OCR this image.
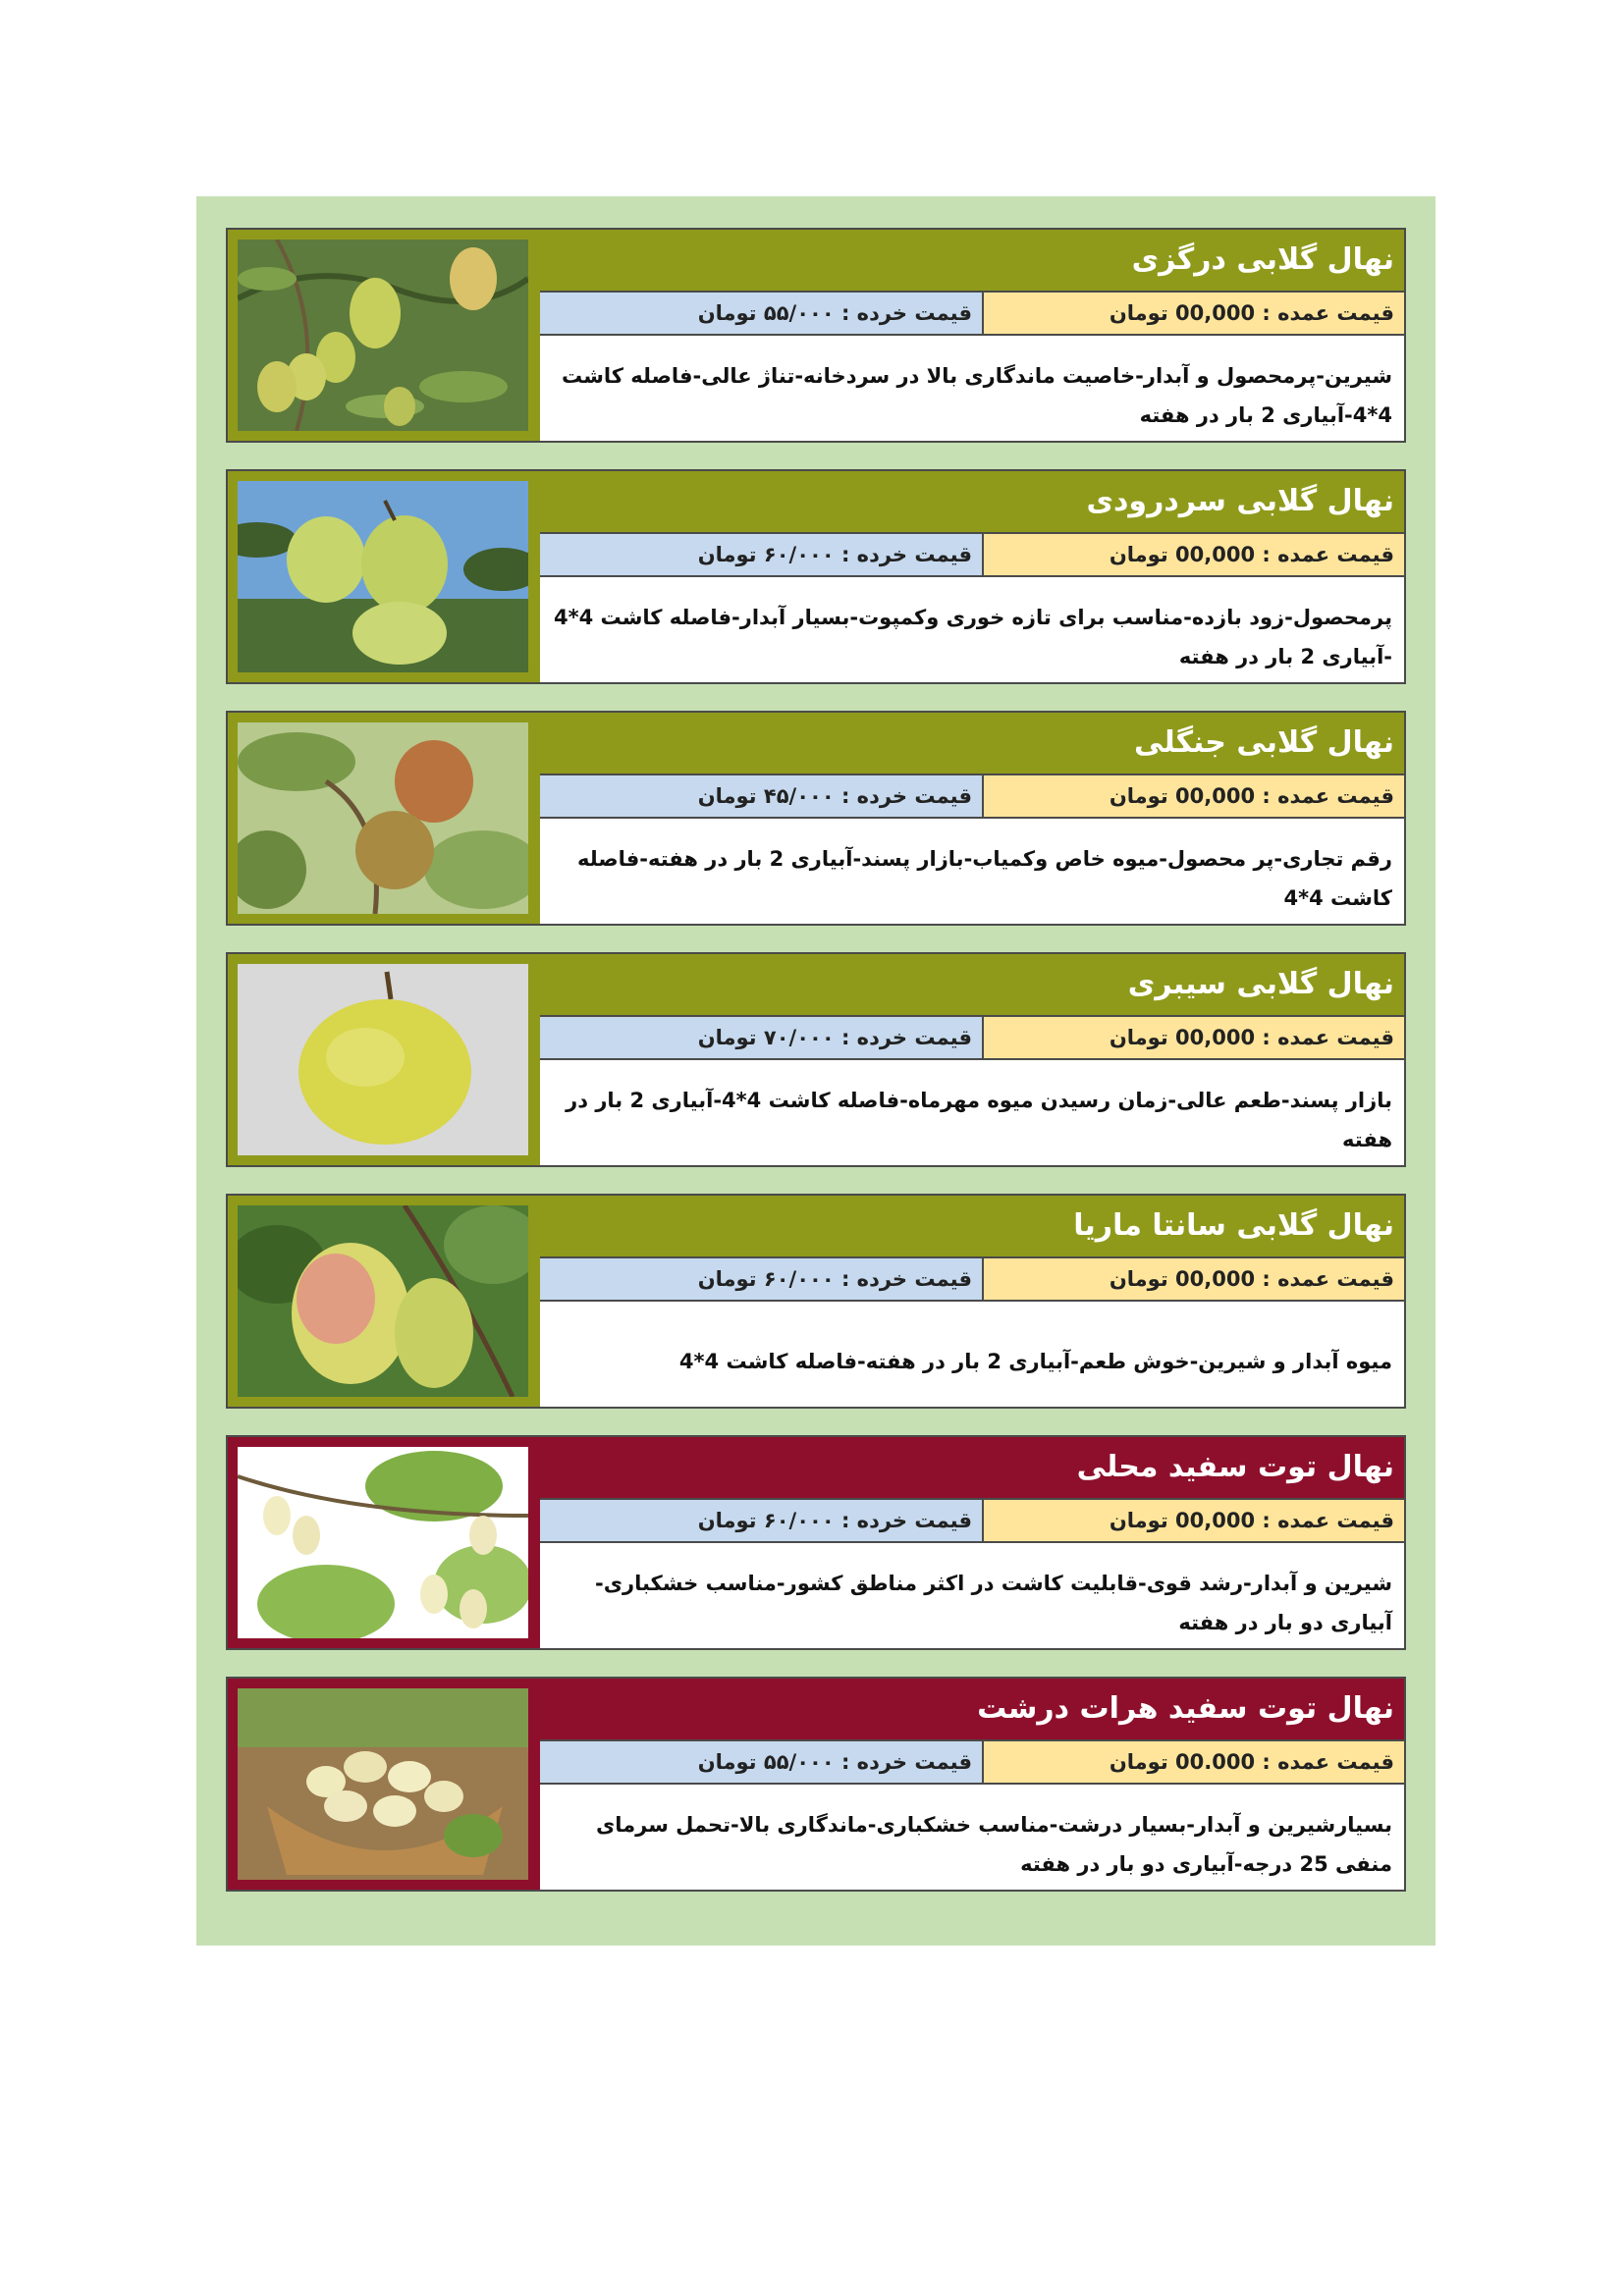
نهال گلابی درگزی
قیمت عمده : 00,000 تومان
قیمت خرده : ۵۵/۰۰۰ تومان
شیرین-پرمحصول و آبدار-خاصیت ماندگاری بالا در سردخانه-تناژ عالی-فاصله کاشت 4*4-آبیاری 2 بار در هفته
نهال گلابی سردرودی
قیمت عمده : 00,000 تومان
قیمت خرده : ۶۰/۰۰۰ تومان
پرمحصول-زود بازده-مناسب برای تازه خوری وکمپوت-بسیار آبدار-فاصله کاشت 4*4 -آبیاری 2 بار در هفته
نهال گلابی جنگلی
قیمت عمده : 00,000 تومان
قیمت خرده : ۴۵/۰۰۰ تومان
رقم تجاری-پر محصول-میوه خاص وکمیاب-بازار پسند-آبیاری 2 بار در هفته-فاصله کاشت 4*4
نهال گلابی سیبری
قیمت عمده : 00,000 تومان
قیمت خرده : ۷۰/۰۰۰ تومان
بازار پسند-طعم عالی-زمان رسیدن میوه مهرماه-فاصله کاشت 4*4-آبیاری 2 بار در هفته
نهال گلابی سانتا ماریا
قیمت عمده : 00,000 تومان
قیمت خرده : ۶۰/۰۰۰ تومان
میوه آبدار و شیرین-خوش طعم-آبیاری 2 بار در هفته-فاصله کاشت 4*4
نهال توت سفید محلی
قیمت عمده : 00,000 تومان
قیمت خرده : ۶۰/۰۰۰ تومان
شیرین و آبدار-رشد قوی-قابلیت کاشت در اکثر مناطق کشور-مناسب خشکباری-آبیاری دو بار در هفته
نهال توت سفید هرات درشت
قیمت عمده : 00.000 تومان
قیمت خرده : ۵۵/۰۰۰ تومان
بسیارشیرین و آبدار-بسیار درشت-مناسب خشکباری-ماندگاری بالا-تحمل سرمای منفی 25 درجه-آبیاری دو بار در هفته
